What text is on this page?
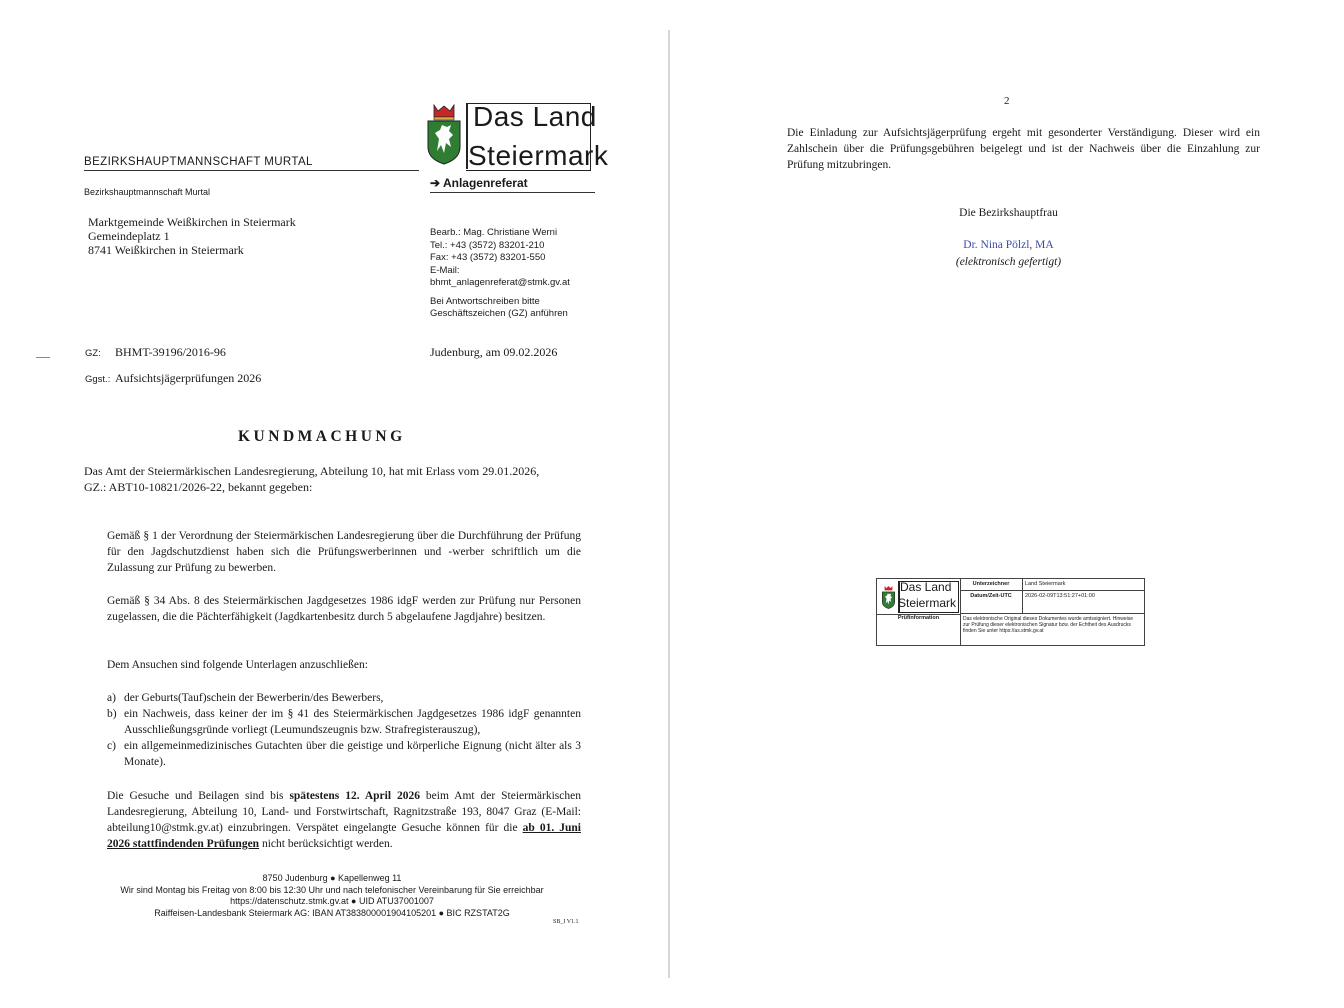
Das Land
Steiermark
BEZIRKSHAUPTMANNSCHAFT MURTAL
➔ Anlagenreferat
Bezirkshauptmannschaft Murtal
Marktgemeinde Weißkirchen in Steiermark
Gemeindeplatz 1
8741 Weißkirchen in Steiermark
Bearb.: Mag. Christiane Werni
Tel.: +43 (3572) 83201-210
Fax: +43 (3572) 83201-550
E-Mail:
bhmt_anlagenreferat@stmk.gv.at
Bei Antwortschreiben bitte
Geschäftszeichen (GZ) anführen
GZ: BHMT-39196/2016-96	Judenburg, am 09.02.2026
Ggst.: Aufsichtsjägerprüfungen 2026
KUNDMACHUNG
Das Amt der Steiermärkischen Landesregierung, Abteilung 10, hat mit Erlass vom 29.01.2026,
GZ.: ABT10-10821/2026-22, bekannt gegeben:
Gemäß § 1 der Verordnung der Steiermärkischen Landesregierung über die Durchführung der Prüfung für den Jagdschutzdienst haben sich die Prüfungswerberinnen und -werber schriftlich um die Zulassung zur Prüfung zu bewerben.
Gemäß § 34 Abs. 8 des Steiermärkischen Jagdgesetzes 1986 idgF werden zur Prüfung nur Personen zugelassen, die die Pächterfähigkeit (Jagdkartenbesitz durch 5 abgelaufene Jagdjahre) besitzen.
Dem Ansuchen sind folgende Unterlagen anzuschließen:
a) der Geburts(Tauf)schein der Bewerberin/des Bewerbers,
b) ein Nachweis, dass keiner der im § 41 des Steiermärkischen Jagdgesetzes 1986 idgF genannten Ausschließungsgründe vorliegt (Leumundszeugnis bzw. Strafregisterauszug),
c) ein allgemeinmedizinisches Gutachten über die geistige und körperliche Eignung (nicht älter als 3 Monate).
Die Gesuche und Beilagen sind bis spätestens 12. April 2026 beim Amt der Steiermärkischen Landesregierung, Abteilung 10, Land- und Forstwirtschaft, Ragnitzstraße 193, 8047 Graz (E-Mail: abteilung10@stmk.gv.at) einzubringen. Verspätet eingelangte Gesuche können für die ab 01. Juni 2026 stattfindenden Prüfungen nicht berücksichtigt werden.
8750 Judenburg ● Kapellenweg 11
Wir sind Montag bis Freitag von 8:00 bis 12:30 Uhr und nach telefonischer Vereinbarung für Sie erreichbar
https://datenschutz.stmk.gv.at ● UID ATU37001007
Raiffeisen-Landesbank Steiermark AG: IBAN AT383800001904105201 ● BIC RZSTAT2G
SB_I V1.1
2
Die Einladung zur Aufsichtsjägerprüfung ergeht mit gesonderter Verständigung. Dieser wird ein Zahlschein über die Prüfungsgebühren beigelegt und ist der Nachweis über die Einzahlung zur Prüfung mitzubringen.
Die Bezirkshauptfrau
Dr. Nina Pölzl, MA
(elektronisch gefertigt)
Das Land
Steiermark
Unterzeichner	Land Steiermark
Datum/Zeit-UTC	2026-02-09T13:51:27+01:00
Prüfinformation	Das elektronische Original dieses Dokumentes wurde amtssigniert. Hinweise zur Prüfung dieser elektronischen Signatur bzw. der Echtheit des Ausdrucks finden Sie unter https://as.stmk.gv.at
